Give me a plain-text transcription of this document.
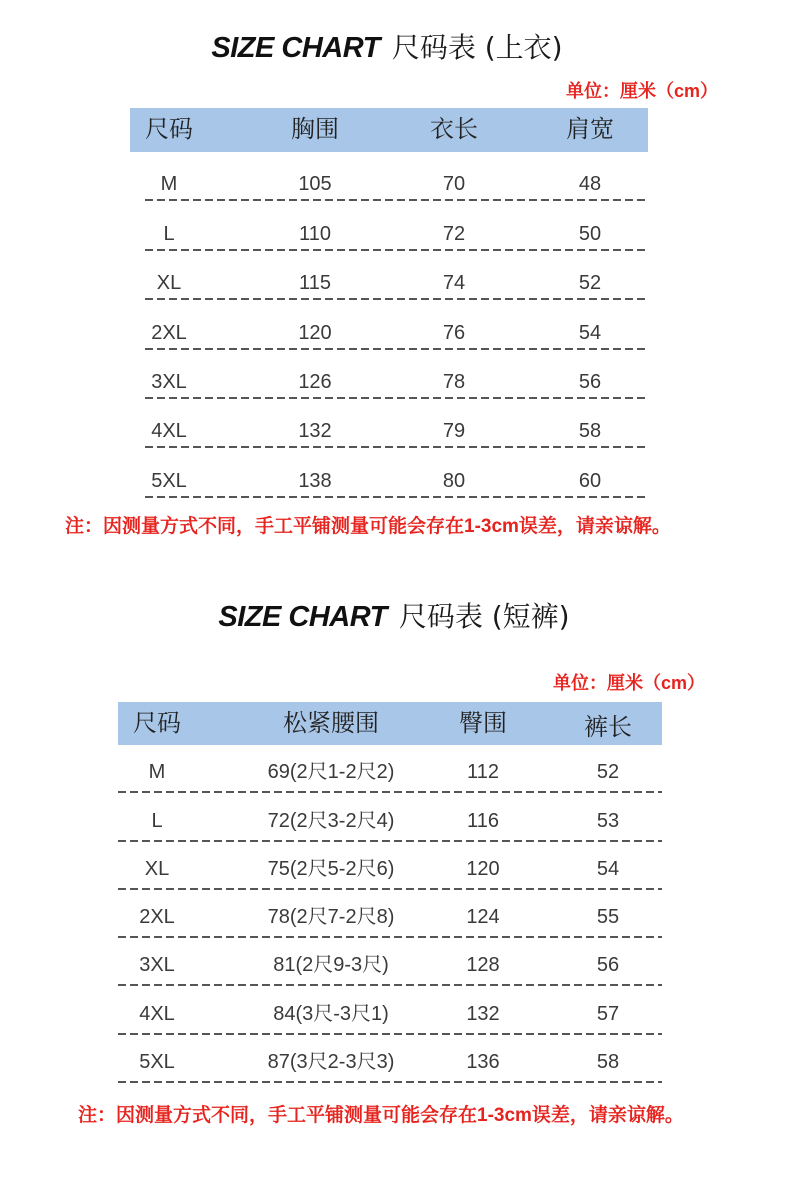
SIZE CHART 尺码表 (上衣)
单位：厘米（cm）
尺码	胸围	衣长	肩宽
M	105	70	48
L	110	72	50
XL	115	74	52
2XL	120	76	54
3XL	126	78	56
4XL	132	79	58
5XL	138	80	60
注：因测量方式不同，手工平铺测量可能会存在1-3cm误差，请亲谅解。
SIZE CHART 尺码表 (短裤)
单位：厘米（cm）
尺码	松紧腰围	臀围	裤长
M	69(2尺1-2尺2)	112	52
L	72(2尺3-2尺4)	116	53
XL	75(2尺5-2尺6)	120	54
2XL	78(2尺7-2尺8)	124	55
3XL	81(2尺9-3尺)	128	56
4XL	84(3尺-3尺1)	132	57
5XL	87(3尺2-3尺3)	136	58
注：因测量方式不同，手工平铺测量可能会存在1-3cm误差，请亲谅解。
